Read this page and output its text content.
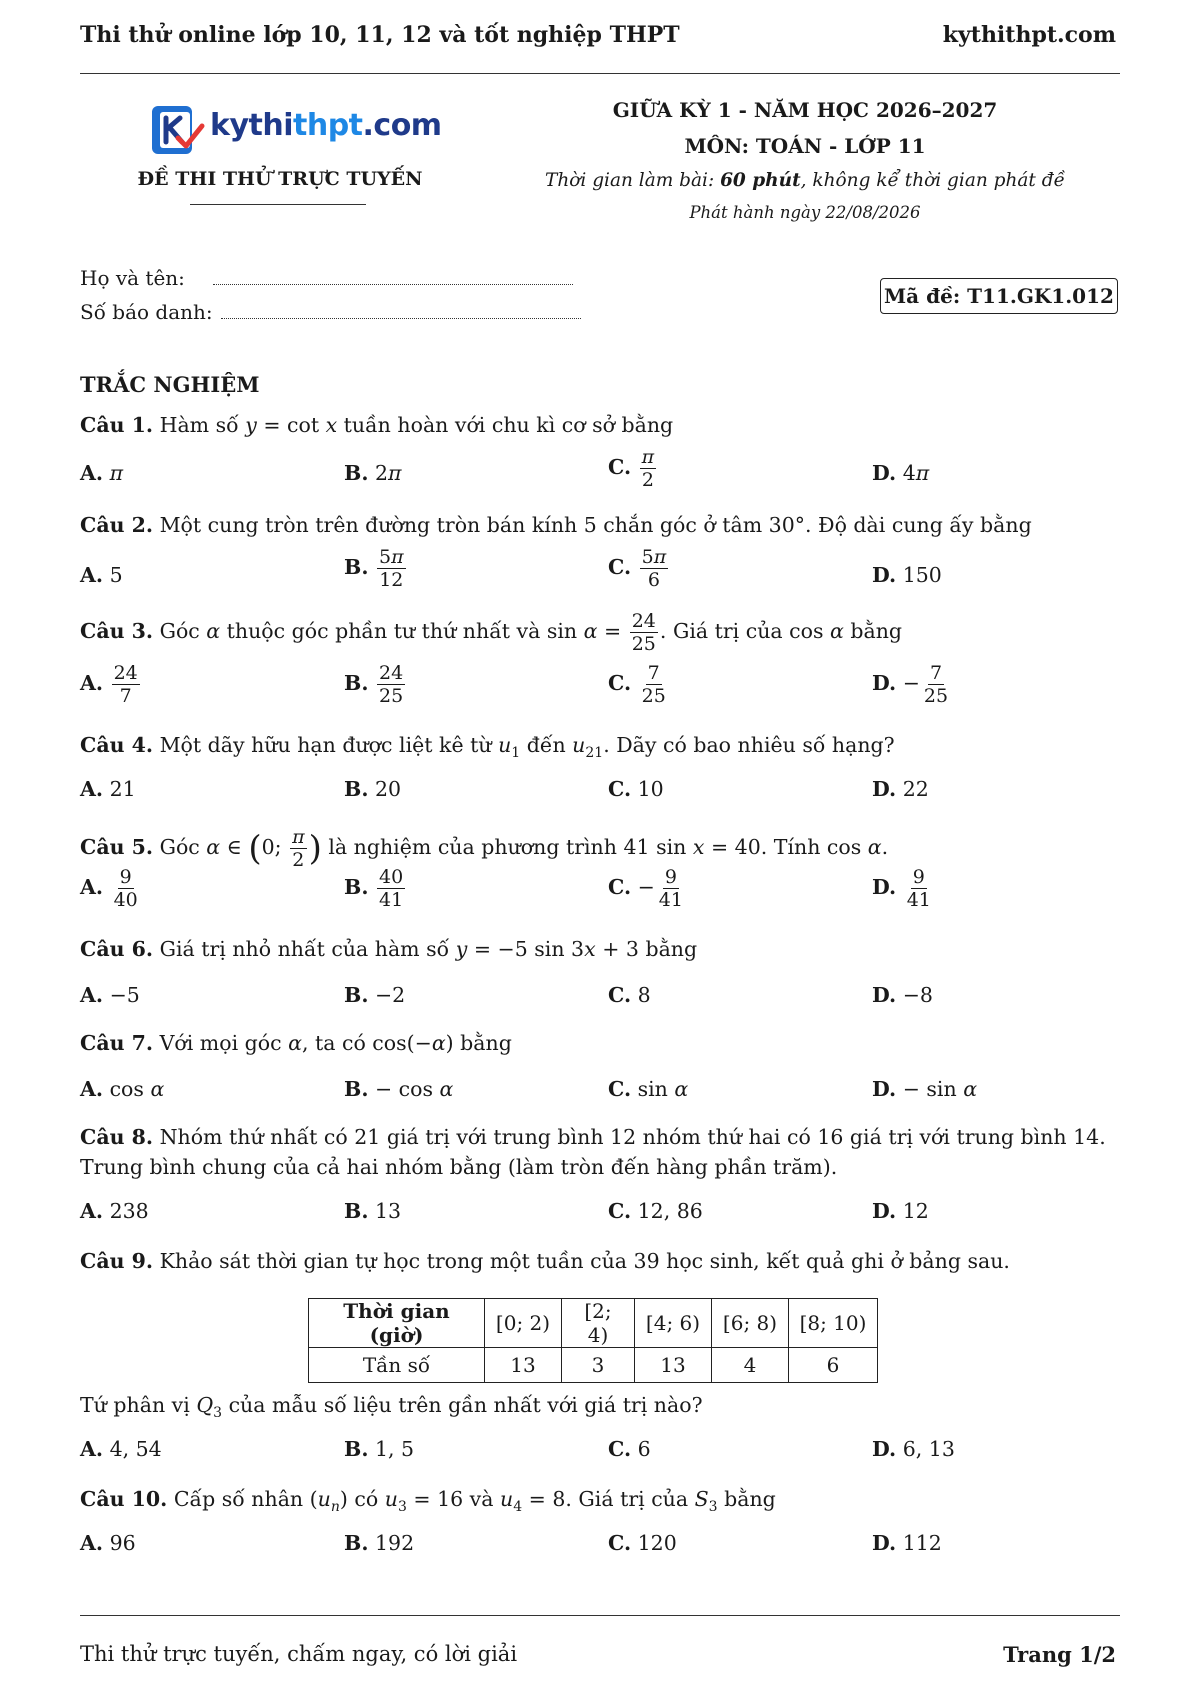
Thi thử online lớp 10, 11, 12 và tốt nghiệp THPT	kythithpt.com
kythithpt.com
ĐỀ THI THỬ TRỰC TUYẾN
GIỮA KỲ 1 - NĂM HỌC 2026–2027
MÔN: TOÁN - LỚP 11
Thời gian làm bài: 60 phút, không kể thời gian phát đề
Phát hành ngày 22/08/2026
Họ và tên:
Số báo danh:
Mã đề: T11.GK1.012
TRẮC NGHIỆM
Câu 1. Hàm số y = cot x tuần hoàn với chu kì cơ sở bằng
A. π	B. 2π	C. $\frac{\pi}{2}$	D. 4π
Câu 2. Một cung tròn trên đường tròn bán kính 5 chắn góc ở tâm 30°. Độ dài cung ấy bằng
A. 5	B. $\frac{5\pi}{12}$	C. $\frac{5\pi}{6}$	D. 150
Câu 3. Góc α thuộc góc phần tư thứ nhất và $\sin \alpha = \frac{24}{25}$ . Giá trị của cos α bằng
A. $\frac{24}{7}$	B. $\frac{24}{25}$	C. $\frac{7}{25}$	D. − $\frac{7}{25}$
Câu 4. Một dãy hữu hạn được liệt kê từ $u_1$ đến $u_{21}$. Dãy có bao nhiêu số hạng?
A. 21	B. 20	C. 10	D. 22
Câu 5. Góc α ∈ (0; $\frac{\pi}{2}$ ) là nghiệm của phương trình 41 sin x = 40. Tính cos α.
A. $\frac{9}{40}$	B. $\frac{40}{41}$	C. − $\frac{9}{41}$	D. $\frac{9}{41}$
Câu 6. Giá trị nhỏ nhất của hàm số y = −5 sin 3x + 3 bằng
A. −5	B. −2	C. 8	D. −8
Câu 7. Với mọi góc α, ta có cos(−α) bằng
A. cos α	B. − cos α	C. sin α	D. − sin α
Câu 8. Nhóm thứ nhất có 21 giá trị với trung bình 12 nhóm thứ hai có 16 giá trị với trung bình 14. Trung bình chung của cả hai nhóm bằng (làm tròn đến hàng phần trăm).
A. 238	B. 13	C. 12, 86	D. 12
Câu 9. Khảo sát thời gian tự học trong một tuần của 39 học sinh, kết quả ghi ở bảng sau.
Thời gian (giờ)	[0; 2)	[2; 4)	[4; 6)	[6; 8)	[8; 10)
Tần số	13	3	13	4	6
Tứ phân vị $Q_3$ của mẫu số liệu trên gần nhất với giá trị nào?
A. 4, 54	B. 1, 5	C. 6	D. 6, 13
Câu 10. Cấp số nhân $(u_n)$ có $u_3 = 16$ và $u_4 = 8$. Giá trị của $S_3$ bằng
A. 96	B. 192	C. 120	D. 112
Thi thử trực tuyến, chấm ngay, có lời giải	Trang 1/2
